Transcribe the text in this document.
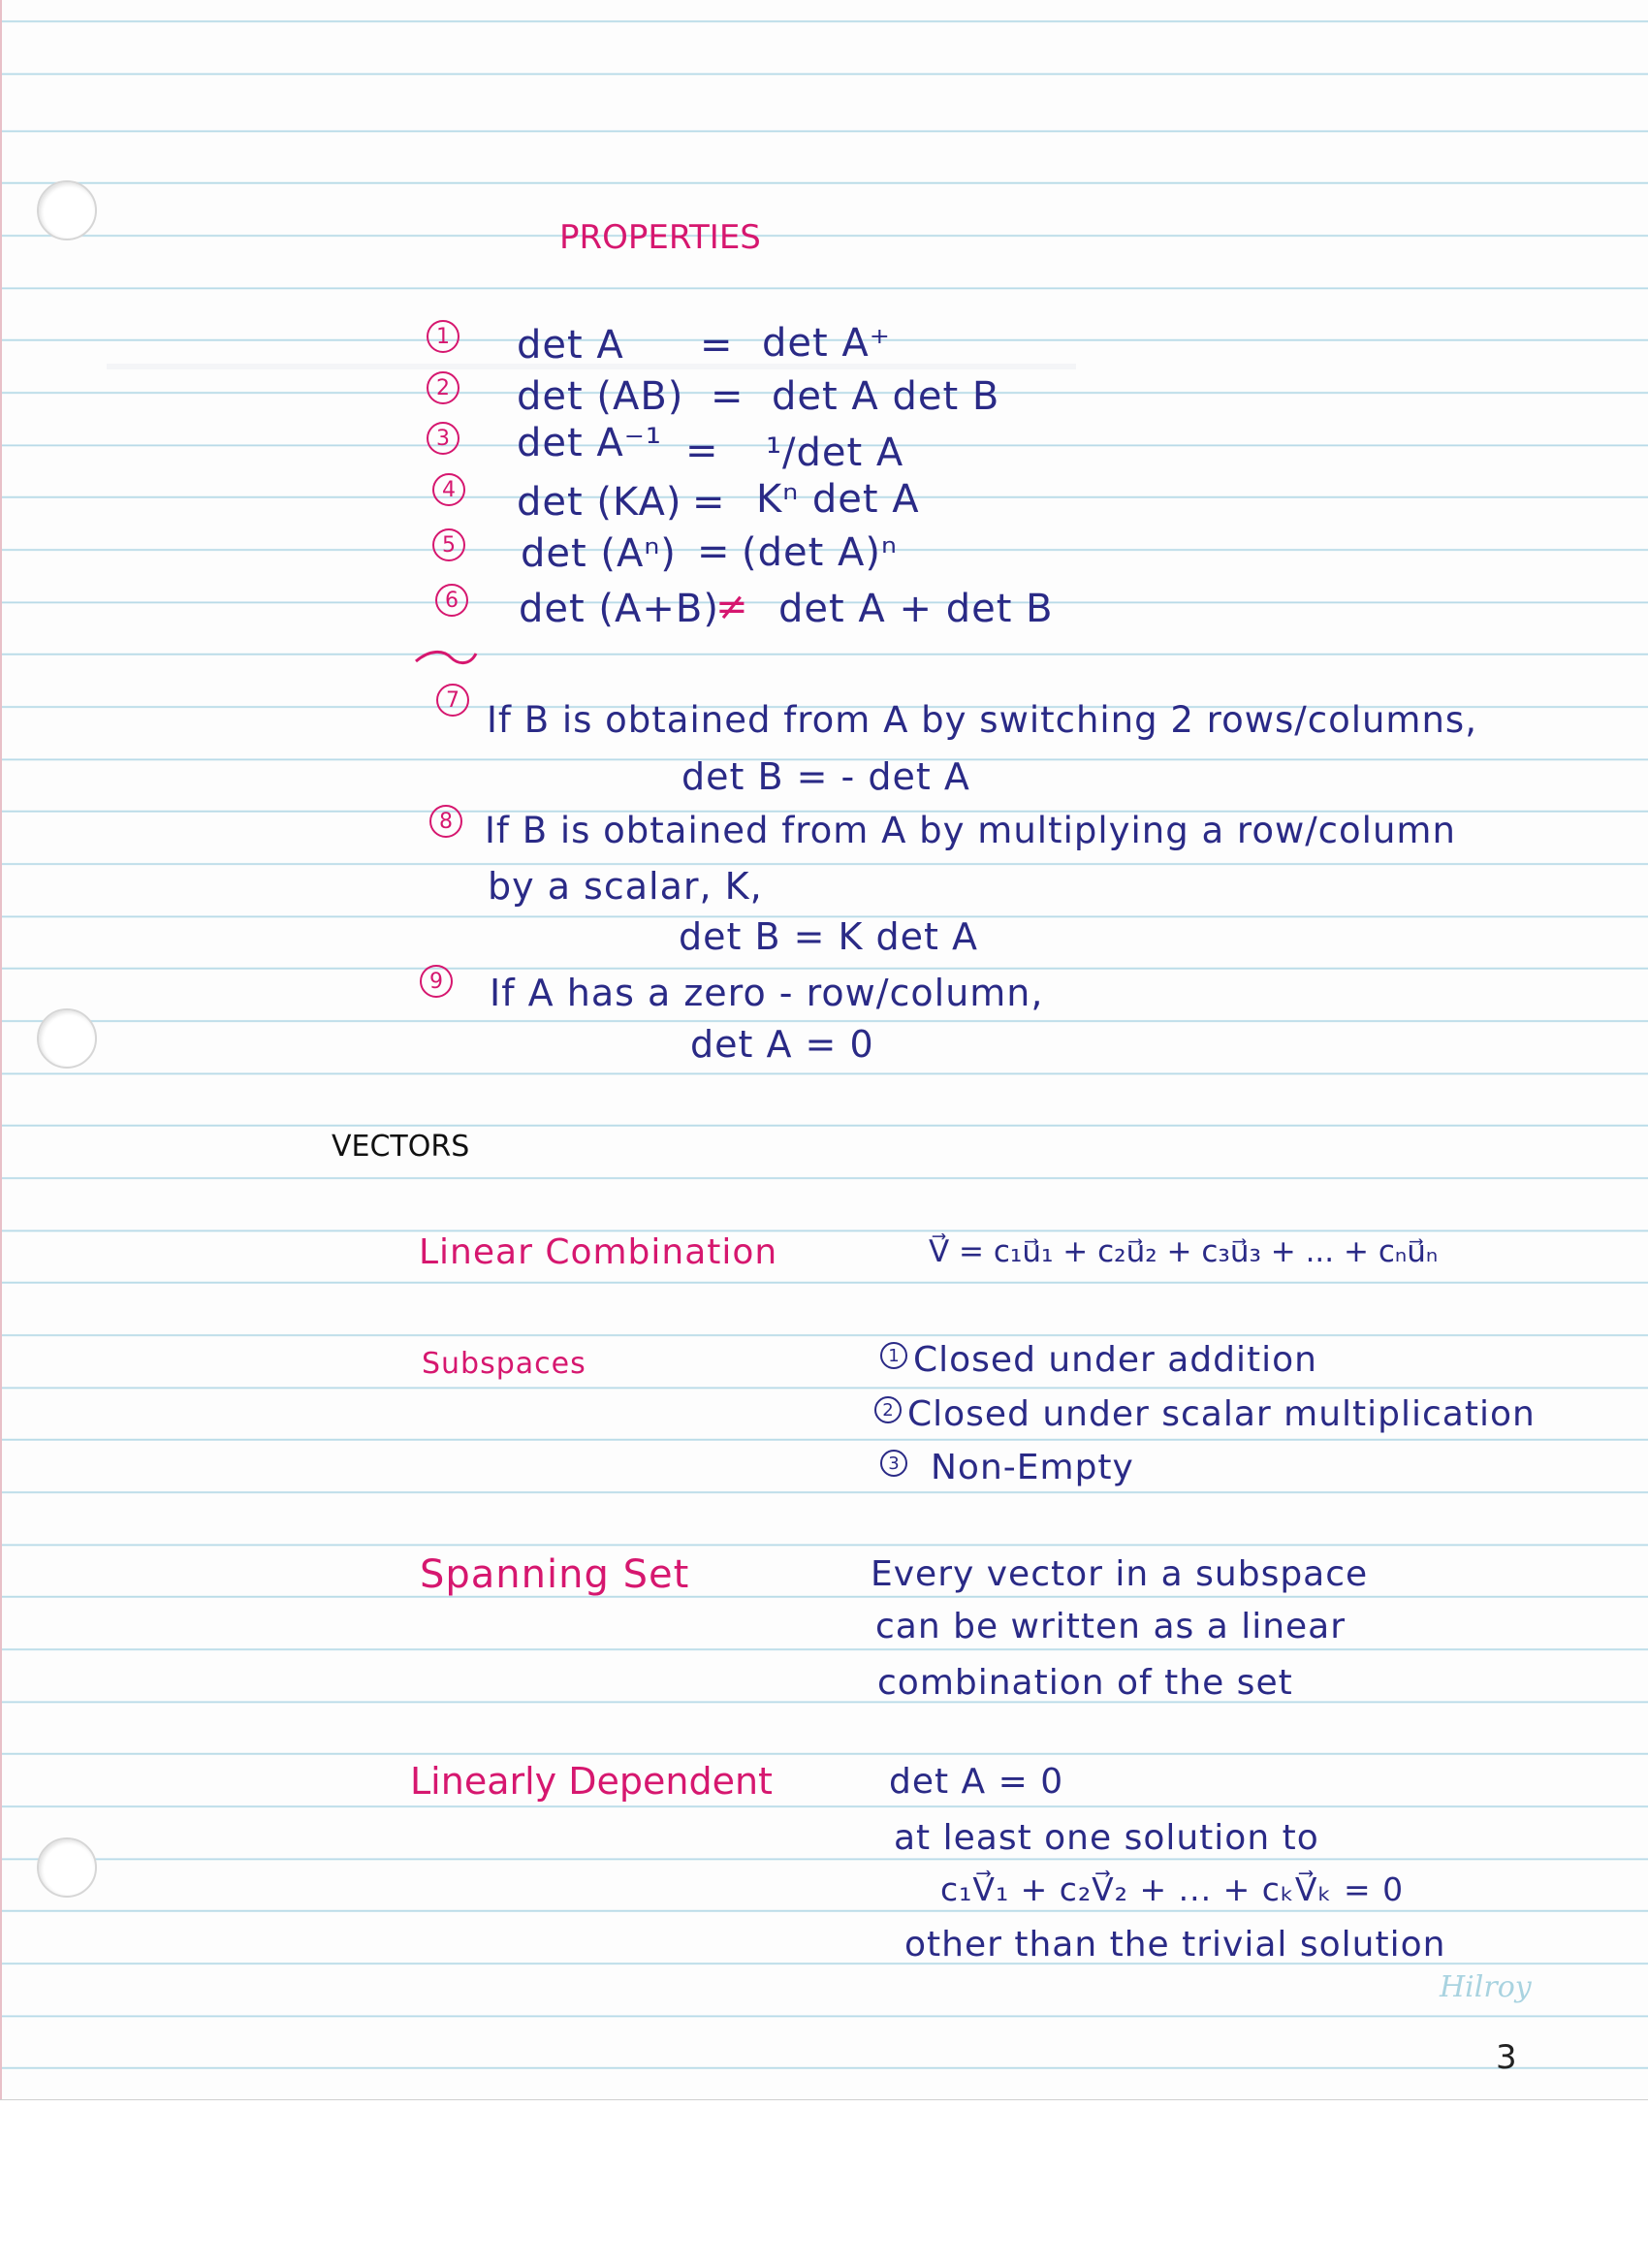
PROPERTIES
1 det A = det A⁺
2 det (AB) = det A det B
3 det A⁻¹ = ¹/det A
4 det (KA) = Kⁿ det A
5 det (Aⁿ) = (det A)ⁿ
6 det (A+B)
≠ det A + det B
7 If B is obtained from A by switching 2 rows/columns,
det B = - det A
8 If B is obtained from A by multiplying a row/column
by a scalar, K,
det B = K det A
9 If A has a zero - row/column,
det A = 0
VECTORS
Linear Combination	V⃗ = c₁u⃗₁ + c₂u⃗₂ + c₃u⃗₃ + ... + cₙu⃗ₙ
Subspaces	1 Closed under addition
2 Closed under scalar multiplication
3 Non-Empty
Spanning Set	Every vector in a subspace
can be written as a linear
combination of the set
Linearly Dependent	det A = 0
at least one solution to
c₁V⃗₁ + c₂V⃗₂ + ... + cₖV⃗ₖ = 0
other than the trivial solution
Hilroy
3
